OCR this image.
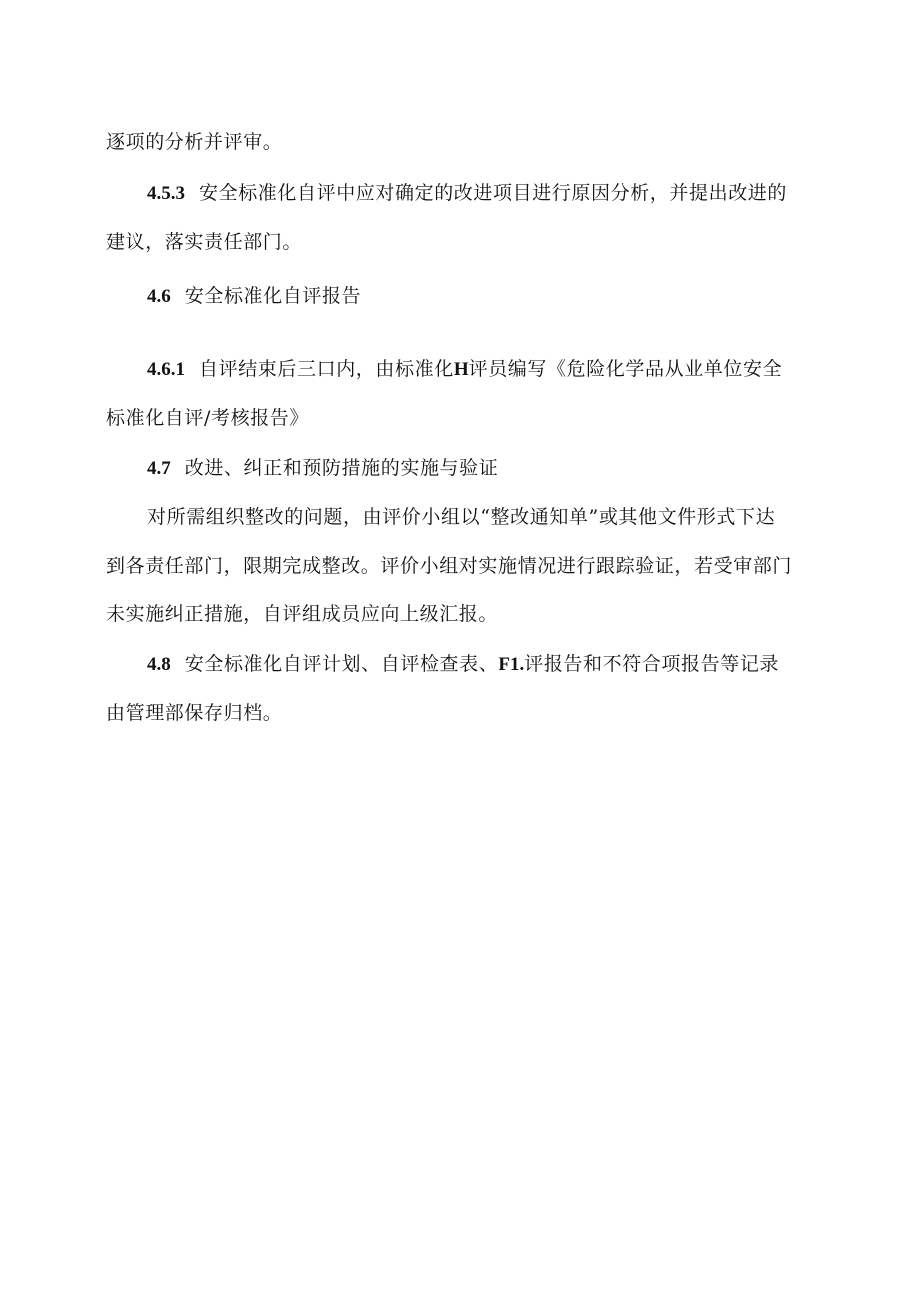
逐项的分析并评审。
4.5.3 安全标准化自评中应对确定的改进项目进行原因分析，并提出改进的
建议，落实责任部门。
4.6 安全标准化自评报告
4.6.1 自评结束后三口内，由标准化H评员编写《危险化学品从业单位安全
标准化自评/考核报告》
4.7 改进、纠正和预防措施的实施与验证
对所需组织整改的问题，由评价小组以“整改通知单”或其他文件形式下达
到各责任部门，限期完成整改。评价小组对实施情况进行跟踪验证，若受审部门
未实施纠正措施，自评组成员应向上级汇报。
4.8 安全标准化自评计划、自评检查表、F1.评报告和不符合项报告等记录
由管理部保存归档。
